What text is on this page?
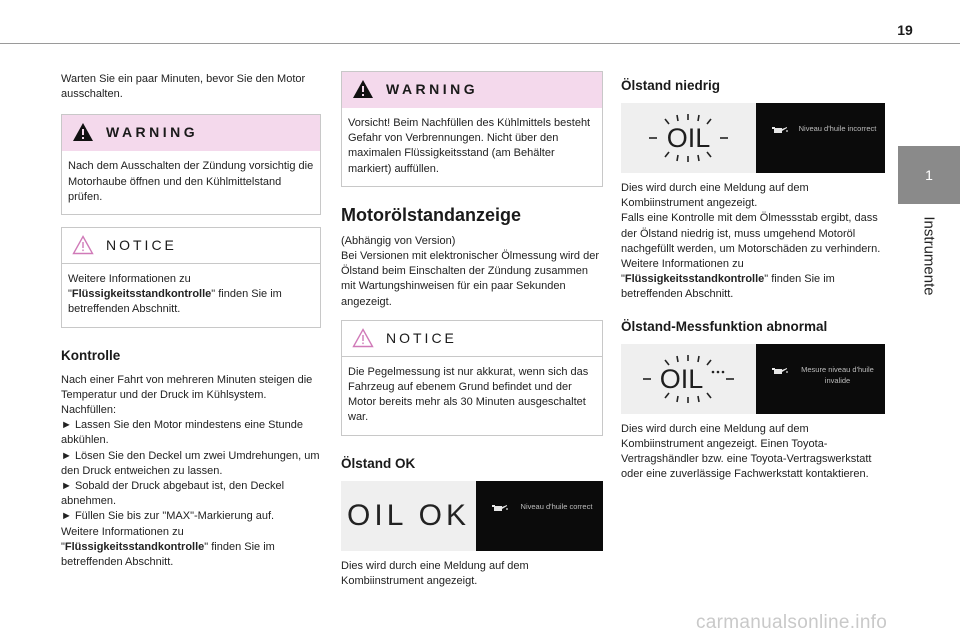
19
1
Instrumente

Warten Sie ein paar Minuten, bevor Sie den Motor ausschalten.

WARNING

Nach dem Ausschalten der Zündung vorsichtig die Motorhaube öffnen und den Kühlmittelstand prüfen.

NOTICE

Weitere Informationen zu "Flüssigkeitsstandkontrolle" finden Sie im betreffenden Abschnitt.

Kontrolle

Nach einer Fahrt von mehreren Minuten steigen die Temperatur und der Druck im Kühlsystem.

Nachfüllen:

► Lassen Sie den Motor mindestens eine Stunde abkühlen.

► Lösen Sie den Deckel um zwei Umdrehungen, um den Druck entweichen zu lassen.

► Sobald der Druck abgebaut ist, den Deckel abnehmen.

► Füllen Sie bis zur "MAX"-Markierung auf.

Weitere Informationen zu "Flüssigkeitsstandkontrolle" finden Sie im betreffenden Abschnitt.

WARNING

Vorsicht! Beim Nachfüllen des Kühlmittels besteht Gefahr von Verbrennungen. Nicht über den maximalen Flüssigkeitsstand (am Behälter markiert) auffüllen.

Motorölstandanzeige

(Abhängig von Version)

Bei Versionen mit elektronischer Ölmessung wird der Ölstand beim Einschalten der Zündung zusammen mit Wartungshinweisen für ein paar Sekunden angezeigt.

NOTICE

Die Pegelmessung ist nur akkurat, wenn sich das Fahrzeug auf ebenem Grund befindet und der Motor bereits mehr als 30 Minuten ausgeschaltet war.

Ölstand OK
OIL OK	Niveau d'huile correct

Dies wird durch eine Meldung auf dem Kombiinstrument angezeigt.

Ölstand niedrig
OIL	Niveau d'huile incorrect

Dies wird durch eine Meldung auf dem Kombiinstrument angezeigt.

Falls eine Kontrolle mit dem Ölmessstab ergibt, dass der Ölstand niedrig ist, muss umgehend Motoröl nachgefüllt werden, um Motorschäden zu verhindern.

Weitere Informationen zu "Flüssigkeitsstandkontrolle" finden Sie im betreffenden Abschnitt.

Ölstand-Messfunktion abnormal
OIL	Mesure niveau d'huile invalide

Dies wird durch eine Meldung auf dem Kombiinstrument angezeigt. Einen Toyota-Vertragshändler bzw. eine Toyota-Vertragswerkstatt oder eine zuverlässige Fachwerkstatt kontaktieren.

carmanualsonline.info
